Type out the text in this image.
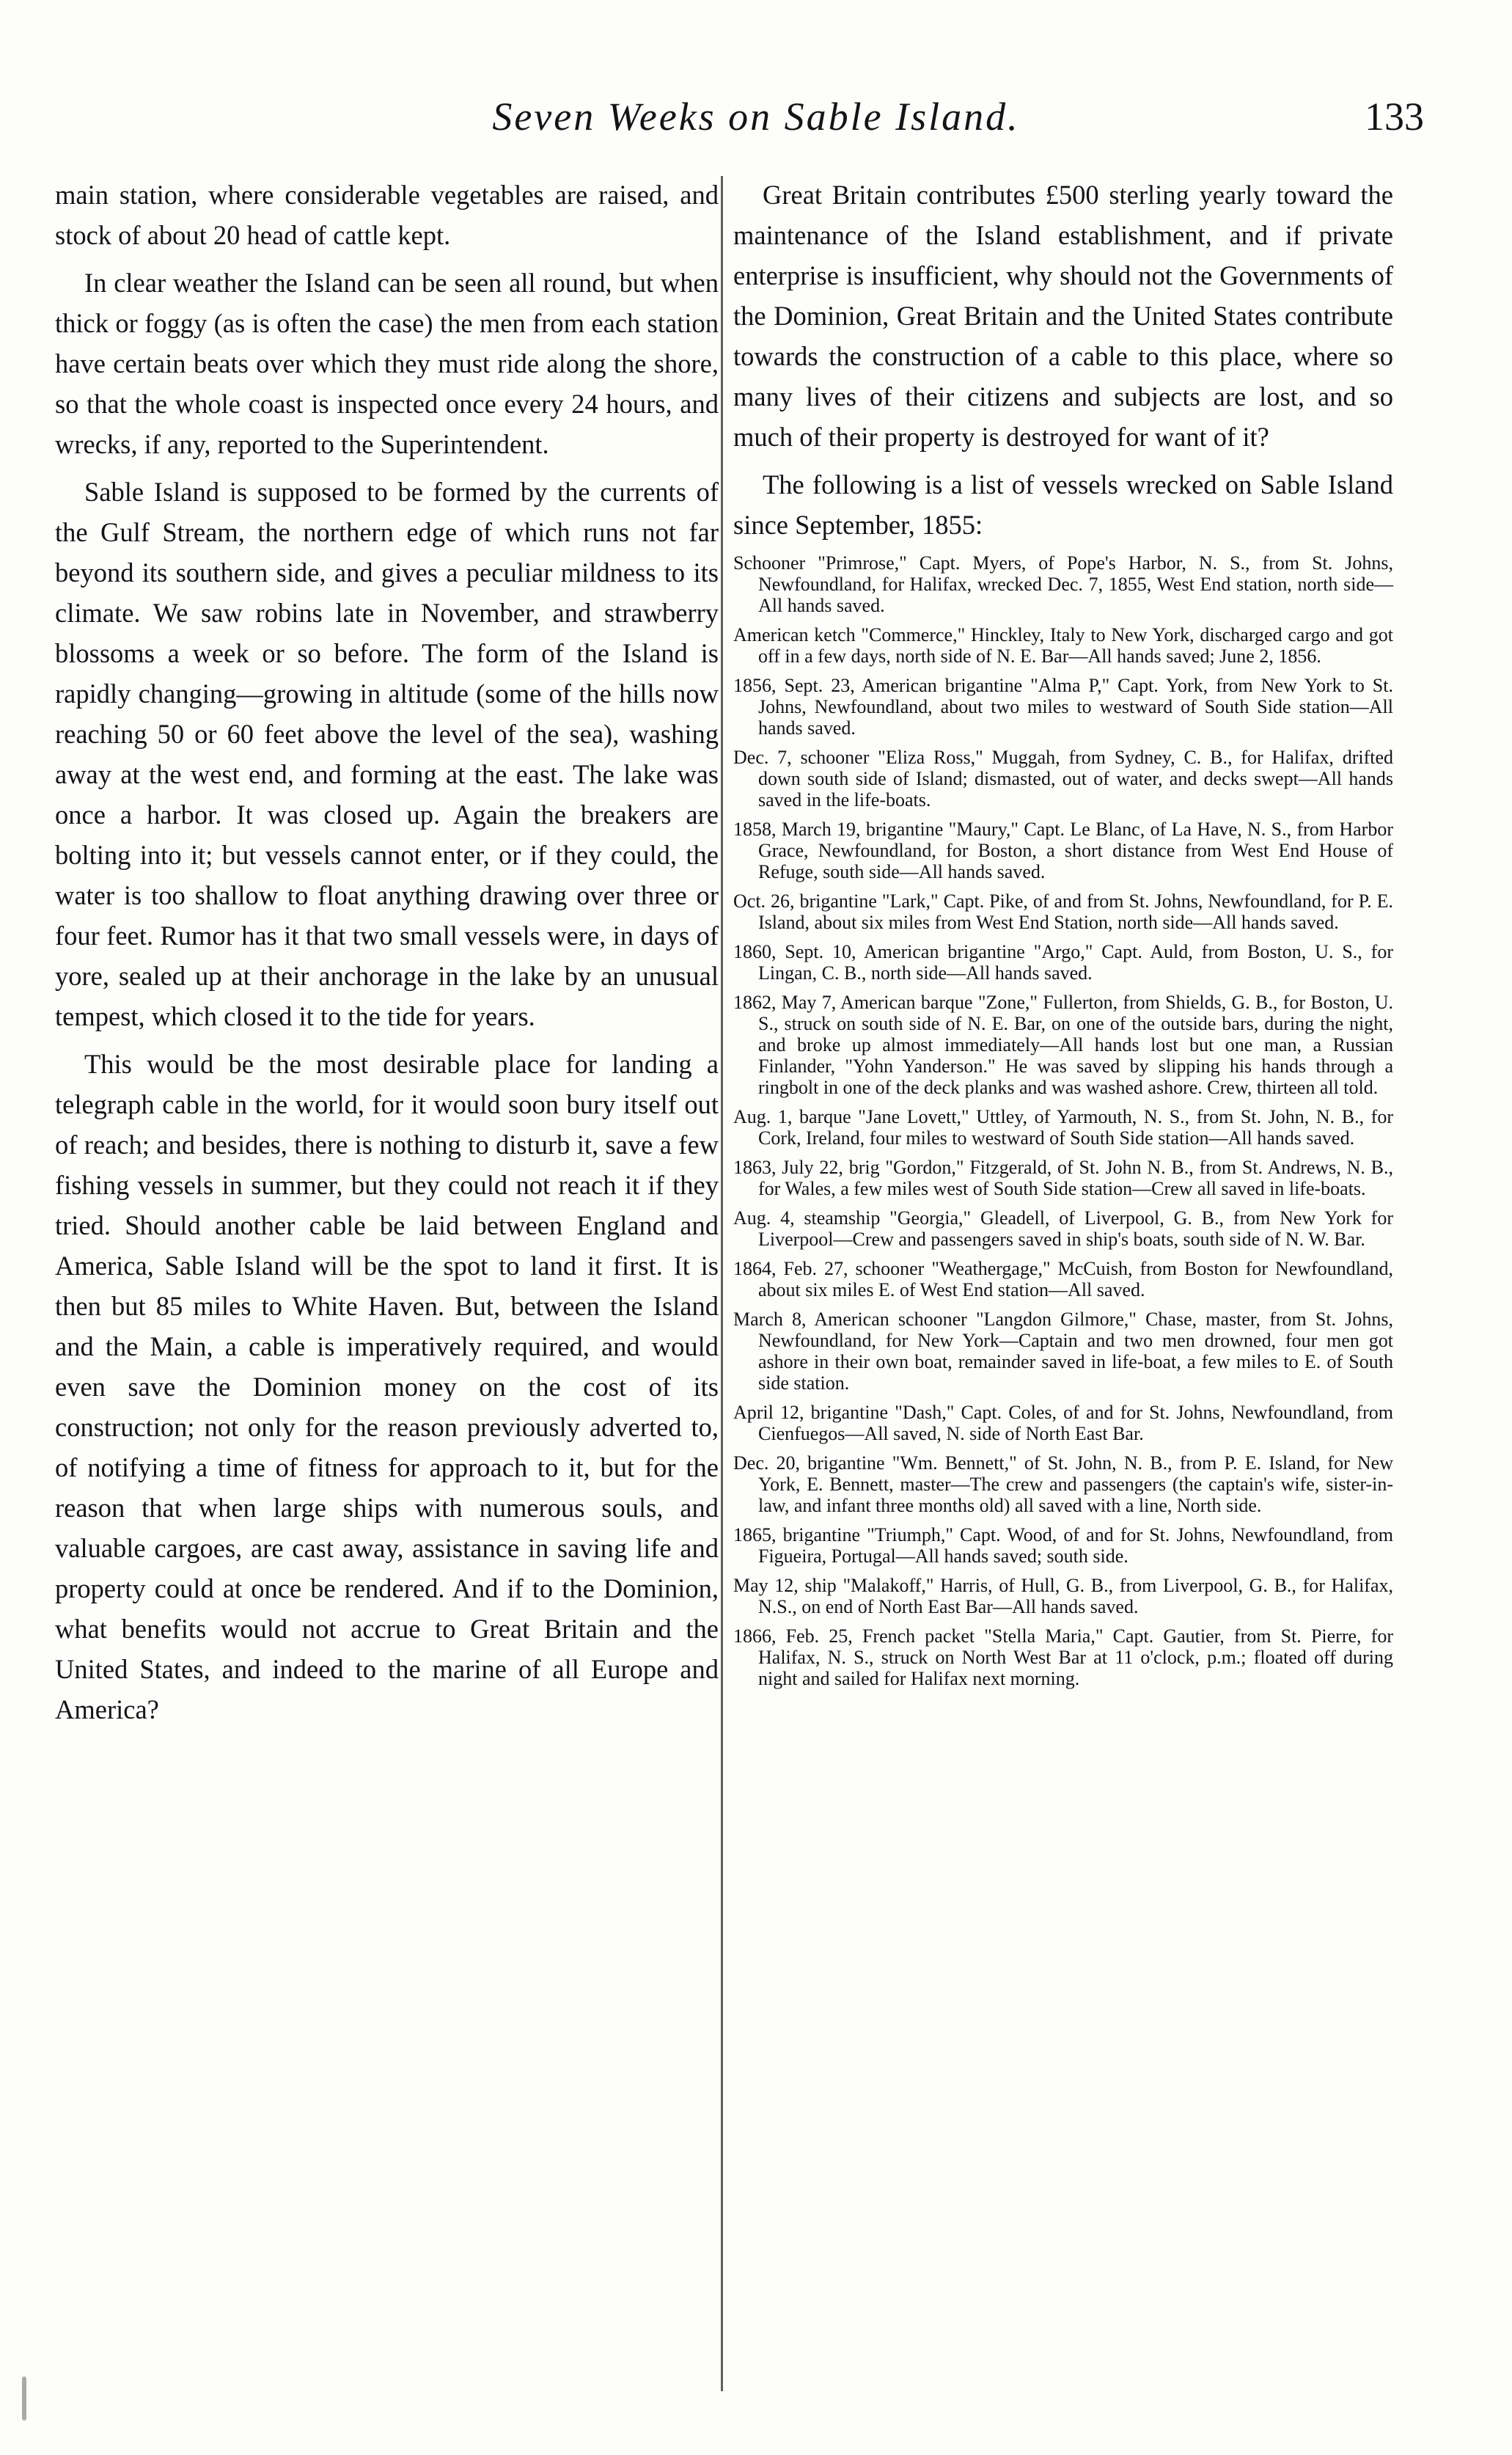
Seven Weeks on Sable Island.	133

main station, where considerable vegetables are raised, and stock of about 20 head of cattle kept.

In clear weather the Island can be seen all round, but when thick or foggy (as is often the case) the men from each station have certain beats over which they must ride along the shore, so that the whole coast is inspected once every 24 hours, and wrecks, if any, reported to the Superintendent.

Sable Island is supposed to be formed by the currents of the Gulf Stream, the northern edge of which runs not far beyond its southern side, and gives a peculiar mildness to its climate. We saw robins late in November, and strawberry blossoms a week or so before. The form of the Island is rapidly changing—growing in altitude (some of the hills now reaching 50 or 60 feet above the level of the sea), washing away at the west end, and forming at the east. The lake was once a harbor. It was closed up. Again the breakers are bolting into it; but vessels cannot enter, or if they could, the water is too shallow to float anything drawing over three or four feet. Rumor has it that two small vessels were, in days of yore, sealed up at their anchorage in the lake by an unusual tempest, which closed it to the tide for years.

This would be the most desirable place for landing a telegraph cable in the world, for it would soon bury itself out of reach; and besides, there is nothing to disturb it, save a few fishing vessels in summer, but they could not reach it if they tried. Should another cable be laid between England and America, Sable Island will be the spot to land it first. It is then but 85 miles to White Haven. But, between the Island and the Main, a cable is imperatively required, and would even save the Dominion money on the cost of its construction; not only for the reason previously adverted to, of notifying a time of fitness for approach to it, but for the reason that when large ships with numerous souls, and valuable cargoes, are cast away, assistance in saving life and property could at once be rendered. And if to the Dominion, what benefits would not accrue to Great Britain and the United States, and indeed to the marine of all Europe and America?

Great Britain contributes £500 sterling yearly toward the maintenance of the Island establishment, and if private enterprise is insufficient, why should not the Governments of the Dominion, Great Britain and the United States contribute towards the construction of a cable to this place, where so many lives of their citizens and subjects are lost, and so much of their property is destroyed for want of it?

The following is a list of vessels wrecked on Sable Island since September, 1855:

Schooner "Primrose," Capt. Myers, of Pope's Harbor, N. S., from St. Johns, Newfoundland, for Halifax, wrecked Dec. 7, 1855, West End station, north side—All hands saved.

American ketch "Commerce," Hinckley, Italy to New York, discharged cargo and got off in a few days, north side of N. E. Bar—All hands saved; June 2, 1856.

1856, Sept. 23, American brigantine "Alma P," Capt. York, from New York to St. Johns, Newfoundland, about two miles to westward of South Side station—All hands saved.

Dec. 7, schooner "Eliza Ross," Muggah, from Sydney, C. B., for Halifax, drifted down south side of Island; dismasted, out of water, and decks swept—All hands saved in the life-boats.

1858, March 19, brigantine "Maury," Capt. Le Blanc, of La Have, N. S., from Harbor Grace, Newfoundland, for Boston, a short distance from West End House of Refuge, south side—All hands saved.

Oct. 26, brigantine "Lark," Capt. Pike, of and from St. Johns, Newfoundland, for P. E. Island, about six miles from West End Station, north side—All hands saved.

1860, Sept. 10, American brigantine "Argo," Capt. Auld, from Boston, U. S., for Lingan, C. B., north side—All hands saved.

1862, May 7, American barque "Zone," Fullerton, from Shields, G. B., for Boston, U. S., struck on south side of N. E. Bar, on one of the outside bars, during the night, and broke up almost immediately—All hands lost but one man, a Russian Finlander, "Yohn Yanderson." He was saved by slipping his hands through a ringbolt in one of the deck planks and was washed ashore. Crew, thirteen all told.

Aug. 1, barque "Jane Lovett," Uttley, of Yarmouth, N. S., from St. John, N. B., for Cork, Ireland, four miles to westward of South Side station—All hands saved.

1863, July 22, brig "Gordon," Fitzgerald, of St. John N. B., from St. Andrews, N. B., for Wales, a few miles west of South Side station—Crew all saved in life-boats.

Aug. 4, steamship "Georgia," Gleadell, of Liverpool, G. B., from New York for Liverpool—Crew and passengers saved in ship's boats, south side of N. W. Bar.

1864, Feb. 27, schooner "Weathergage," McCuish, from Boston for Newfoundland, about six miles E. of West End station—All saved.

March 8, American schooner "Langdon Gilmore," Chase, master, from St. Johns, Newfoundland, for New York—Captain and two men drowned, four men got ashore in their own boat, remainder saved in life-boat, a few miles to E. of South side station.

April 12, brigantine "Dash," Capt. Coles, of and for St. Johns, Newfoundland, from Cienfuegos—All saved, N. side of North East Bar.

Dec. 20, brigantine "Wm. Bennett," of St. John, N. B., from P. E. Island, for New York, E. Bennett, master—The crew and passengers (the captain's wife, sister-in-law, and infant three months old) all saved with a line, North side.

1865, brigantine "Triumph," Capt. Wood, of and for St. Johns, Newfoundland, from Figueira, Portugal—All hands saved; south side.

May 12, ship "Malakoff," Harris, of Hull, G. B., from Liverpool, G. B., for Halifax, N.S., on end of North East Bar—All hands saved.

1866, Feb. 25, French packet "Stella Maria," Capt. Gautier, from St. Pierre, for Halifax, N. S., struck on North West Bar at 11 o'clock, p.m.; floated off during night and sailed for Halifax next morning.
